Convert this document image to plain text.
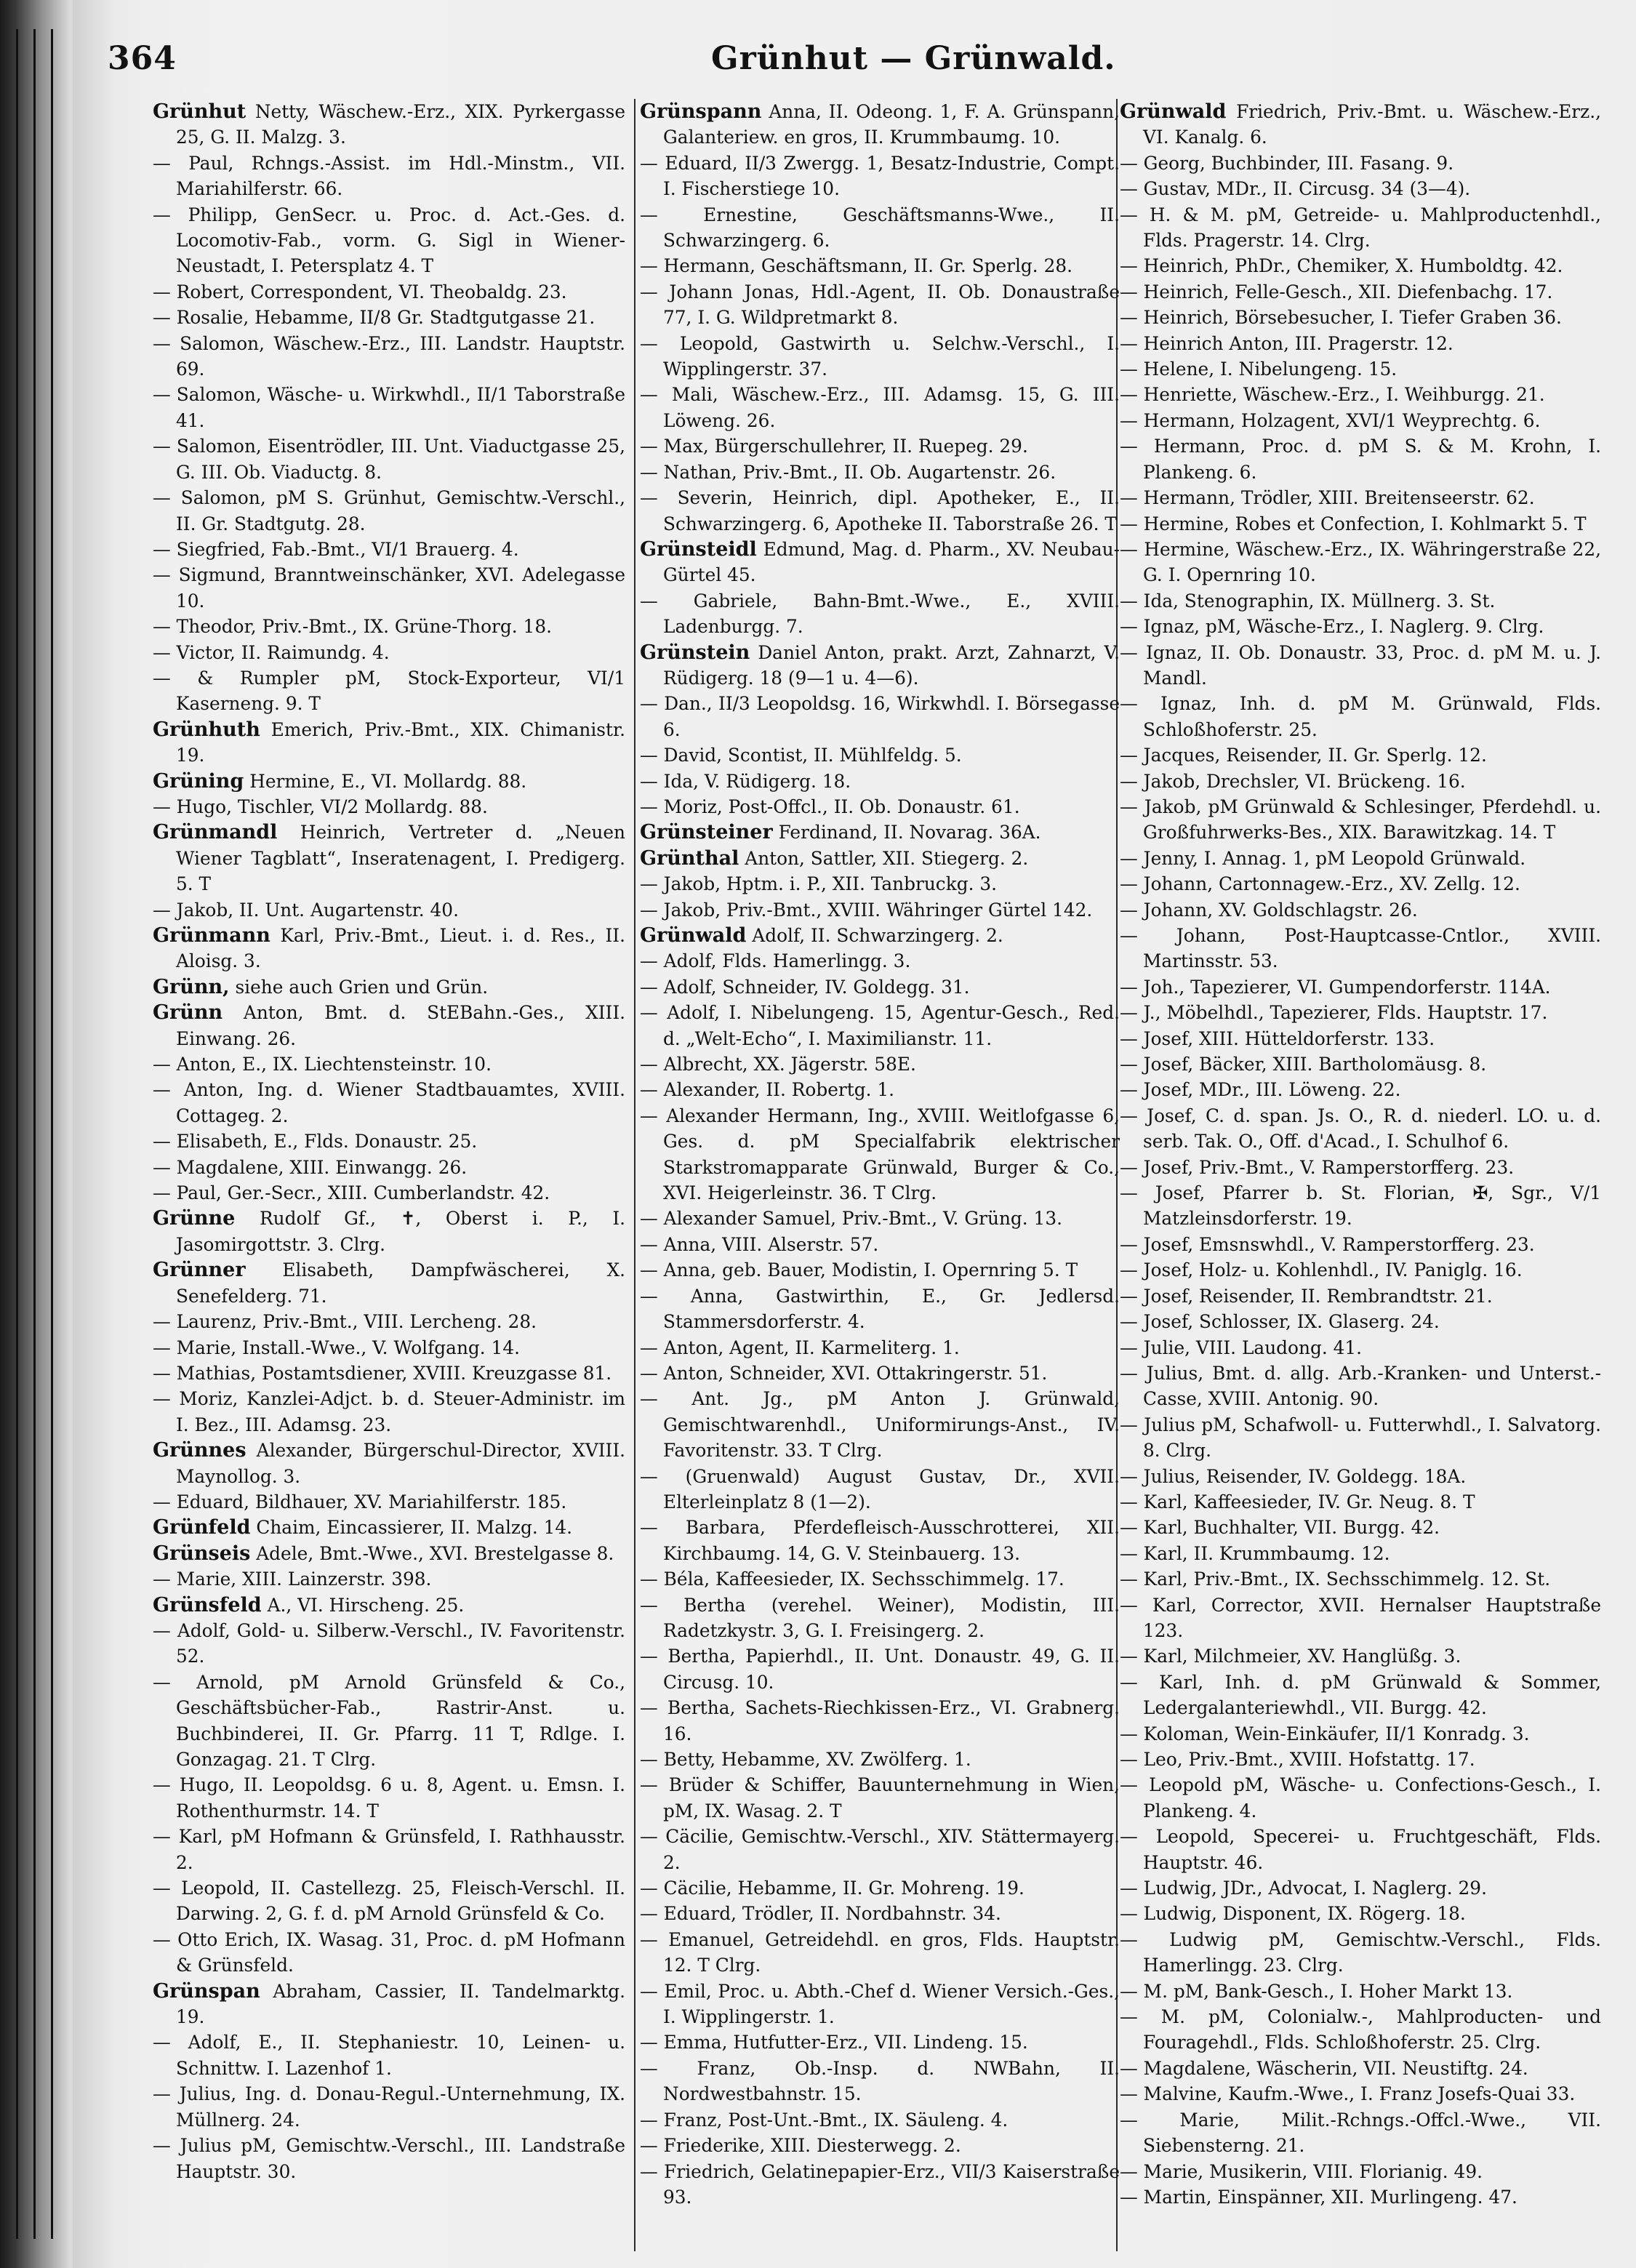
364	Grünhut — Grünwald.

Grünhut Netty, Wäschew.-Erz., XIX. Pyrkergasse 25, G. II. Malzg. 3.

— Paul, Rchngs.-Assist. im Hdl.-Minstm., VII. Mariahilferstr. 66.

— Philipp, GenSecr. u. Proc. d. Act.-Ges. d. Locomotiv-Fab., vorm. G. Sigl in Wiener-Neustadt, I. Petersplatz 4. T

— Robert, Correspondent, VI. Theobaldg. 23.

— Rosalie, Hebamme, II/8 Gr. Stadtgutgasse 21.

— Salomon, Wäschew.-Erz., III. Landstr. Hauptstr. 69.

— Salomon, Wäsche- u. Wirkwhdl., II/1 Taborstraße 41.

— Salomon, Eisentrödler, III. Unt. Viaductgasse 25, G. III. Ob. Viaductg. 8.

— Salomon, pM S. Grünhut, Gemischtw.-Verschl., II. Gr. Stadtgutg. 28.

— Siegfried, Fab.-Bmt., VI/1 Brauerg. 4.

— Sigmund, Branntweinschänker, XVI. Adelegasse 10.

— Theodor, Priv.-Bmt., IX. Grüne-Thorg. 18.

— Victor, II. Raimundg. 4.

— & Rumpler pM, Stock-Exporteur, VI/1 Kaserneng. 9. T

Grünhuth Emerich, Priv.-Bmt., XIX. Chimanistr. 19.

Grüning Hermine, E., VI. Mollardg. 88.

— Hugo, Tischler, VI/2 Mollardg. 88.

Grünmandl Heinrich, Vertreter d. „Neuen Wiener Tagblatt“, Inseratenagent, I. Predigerg. 5. T

— Jakob, II. Unt. Augartenstr. 40.

Grünmann Karl, Priv.-Bmt., Lieut. i. d. Res., II. Aloisg. 3.

Grünn, siehe auch Grien und Grün.

Grünn Anton, Bmt. d. StEBahn.-Ges., XIII. Einwang. 26.

— Anton, E., IX. Liechtensteinstr. 10.

— Anton, Ing. d. Wiener Stadtbauamtes, XVIII. Cottageg. 2.

— Elisabeth, E., Flds. Donaustr. 25.

— Magdalene, XIII. Einwangg. 26.

— Paul, Ger.-Secr., XIII. Cumberlandstr. 42.

Grünne Rudolf Gf., ✝, Oberst i. P., I. Jasomirgottstr. 3. Clrg.

Grünner Elisabeth, Dampfwäscherei, X. Senefelderg. 71.

— Laurenz, Priv.-Bmt., VIII. Lercheng. 28.

— Marie, Install.-Wwe., V. Wolfgang. 14.

— Mathias, Postamtsdiener, XVIII. Kreuzgasse 81.

— Moriz, Kanzlei-Adjct. b. d. Steuer-Administr. im I. Bez., III. Adamsg. 23.

Grünnes Alexander, Bürgerschul-Director, XVIII. Maynollog. 3.

— Eduard, Bildhauer, XV. Mariahilferstr. 185.

Grünfeld Chaim, Eincassierer, II. Malzg. 14.

Grünseis Adele, Bmt.-Wwe., XVI. Brestelgasse 8.

— Marie, XIII. Lainzerstr. 398.

Grünsfeld A., VI. Hirscheng. 25.

— Adolf, Gold- u. Silberw.-Verschl., IV. Favoritenstr. 52.

— Arnold, pM Arnold Grünsfeld & Co., Geschäftsbücher-Fab., Rastrir-Anst. u. Buchbinderei, II. Gr. Pfarrg. 11 T, Rdlge. I. Gonzagag. 21. T Clrg.

— Hugo, II. Leopoldsg. 6 u. 8, Agent. u. Emsn. I. Rothenthurmstr. 14. T

— Karl, pM Hofmann & Grünsfeld, I. Rathhausstr. 2.

— Leopold, II. Castellezg. 25, Fleisch-Verschl. II. Darwing. 2, G. f. d. pM Arnold Grünsfeld & Co.

— Otto Erich, IX. Wasag. 31, Proc. d. pM Hofmann & Grünsfeld.

Grünspan Abraham, Cassier, II. Tandelmarktg. 19.

— Adolf, E., II. Stephaniestr. 10, Leinen- u. Schnittw. I. Lazenhof 1.

— Julius, Ing. d. Donau-Regul.-Unternehmung, IX. Müllnerg. 24.

— Julius pM, Gemischtw.-Verschl., III. Landstraße Hauptstr. 30.

Grünspann Anna, II. Odeong. 1, F. A. Grünspann, Galanteriew. en gros, II. Krummbaumg. 10.

— Eduard, II/3 Zwergg. 1, Besatz-Industrie, Compt. I. Fischerstiege 10.

— Ernestine, Geschäftsmanns-Wwe., II. Schwarzingerg. 6.

— Hermann, Geschäftsmann, II. Gr. Sperlg. 28.

— Johann Jonas, Hdl.-Agent, II. Ob. Donaustraße 77, I. G. Wildpretmarkt 8.

— Leopold, Gastwirth u. Selchw.-Verschl., I. Wipplingerstr. 37.

— Mali, Wäschew.-Erz., III. Adamsg. 15, G. III. Löweng. 26.

— Max, Bürgerschullehrer, II. Ruepeg. 29.

— Nathan, Priv.-Bmt., II. Ob. Augartenstr. 26.

— Severin, Heinrich, dipl. Apotheker, E., II. Schwarzingerg. 6, Apotheke II. Taborstraße 26. T

Grünsteidl Edmund, Mag. d. Pharm., XV. Neubau-Gürtel 45.

— Gabriele, Bahn-Bmt.-Wwe., E., XVIII. Ladenburgg. 7.

Grünstein Daniel Anton, prakt. Arzt, Zahnarzt, V. Rüdigerg. 18 (9—1 u. 4—6).

— Dan., II/3 Leopoldsg. 16, Wirkwhdl. I. Börsegasse 6.

— David, Scontist, II. Mühlfeldg. 5.

— Ida, V. Rüdigerg. 18.

— Moriz, Post-Offcl., II. Ob. Donaustr. 61.

Grünsteiner Ferdinand, II. Novarag. 36A.

Grünthal Anton, Sattler, XII. Stiegerg. 2.

— Jakob, Hptm. i. P., XII. Tanbruckg. 3.

— Jakob, Priv.-Bmt., XVIII. Währinger Gürtel 142.

Grünwald Adolf, II. Schwarzingerg. 2.

— Adolf, Flds. Hamerlingg. 3.

— Adolf, Schneider, IV. Goldegg. 31.

— Adolf, I. Nibelungeng. 15, Agentur-Gesch., Red. d. „Welt-Echo“, I. Maximilianstr. 11.

— Albrecht, XX. Jägerstr. 58E.

— Alexander, II. Robertg. 1.

— Alexander Hermann, Ing., XVIII. Weitlofgasse 6, Ges. d. pM Specialfabrik elektrischer Starkstromapparate Grünwald, Burger & Co., XVI. Heigerleinstr. 36. T Clrg.

— Alexander Samuel, Priv.-Bmt., V. Grüng. 13.

— Anna, VIII. Alserstr. 57.

— Anna, geb. Bauer, Modistin, I. Opernring 5. T

— Anna, Gastwirthin, E., Gr. Jedlersd. Stammersdorferstr. 4.

— Anton, Agent, II. Karmeliterg. 1.

— Anton, Schneider, XVI. Ottakringerstr. 51.

— Ant. Jg., pM Anton J. Grünwald, Gemischtwarenhdl., Uniformirungs-Anst., IV. Favoritenstr. 33. T Clrg.

— (Gruenwald) August Gustav, Dr., XVII. Elterleinplatz 8 (1—2).

— Barbara, Pferdefleisch-Ausschrotterei, XII. Kirchbaumg. 14, G. V. Steinbauerg. 13.

— Béla, Kaffeesieder, IX. Sechsschimmelg. 17.

— Bertha (verehel. Weiner), Modistin, III. Radetzkystr. 3, G. I. Freisingerg. 2.

— Bertha, Papierhdl., II. Unt. Donaustr. 49, G. II. Circusg. 10.

— Bertha, Sachets-Riechkissen-Erz., VI. Grabnerg. 16.

— Betty, Hebamme, XV. Zwölferg. 1.

— Brüder & Schiffer, Bauunternehmung in Wien, pM, IX. Wasag. 2. T

— Cäcilie, Gemischtw.-Verschl., XIV. Stättermayerg. 2.

— Cäcilie, Hebamme, II. Gr. Mohreng. 19.

— Eduard, Trödler, II. Nordbahnstr. 34.

— Emanuel, Getreidehdl. en gros, Flds. Hauptstr. 12. T Clrg.

— Emil, Proc. u. Abth.-Chef d. Wiener Versich.-Ges., I. Wipplingerstr. 1.

— Emma, Hutfutter-Erz., VII. Lindeng. 15.

— Franz, Ob.-Insp. d. NWBahn, II. Nordwestbahnstr. 15.

— Franz, Post-Unt.-Bmt., IX. Säuleng. 4.

— Friederike, XIII. Diesterwegg. 2.

— Friedrich, Gelatinepapier-Erz., VII/3 Kaiserstraße 93.

Grünwald Friedrich, Priv.-Bmt. u. Wäschew.-Erz., VI. Kanalg. 6.

— Georg, Buchbinder, III. Fasang. 9.

— Gustav, MDr., II. Circusg. 34 (3—4).

— H. & M. pM, Getreide- u. Mahlproductenhdl., Flds. Pragerstr. 14. Clrg.

— Heinrich, PhDr., Chemiker, X. Humboldtg. 42.

— Heinrich, Felle-Gesch., XII. Diefenbachg. 17.

— Heinrich, Börsebesucher, I. Tiefer Graben 36.

— Heinrich Anton, III. Pragerstr. 12.

— Helene, I. Nibelungeng. 15.

— Henriette, Wäschew.-Erz., I. Weihburgg. 21.

— Hermann, Holzagent, XVI/1 Weyprechtg. 6.

— Hermann, Proc. d. pM S. & M. Krohn, I. Plankeng. 6.

— Hermann, Trödler, XIII. Breitenseerstr. 62.

— Hermine, Robes et Confection, I. Kohlmarkt 5. T

— Hermine, Wäschew.-Erz., IX. Währingerstraße 22, G. I. Opernring 10.

— Ida, Stenographin, IX. Müllnerg. 3. St.

— Ignaz, pM, Wäsche-Erz., I. Naglerg. 9. Clrg.

— Ignaz, II. Ob. Donaustr. 33, Proc. d. pM M. u. J. Mandl.

— Ignaz, Inh. d. pM M. Grünwald, Flds. Schloßhoferstr. 25.

— Jacques, Reisender, II. Gr. Sperlg. 12.

— Jakob, Drechsler, VI. Brückeng. 16.

— Jakob, pM Grünwald & Schlesinger, Pferdehdl. u. Großfuhrwerks-Bes., XIX. Barawitzkag. 14. T

— Jenny, I. Annag. 1, pM Leopold Grünwald.

— Johann, Cartonnagew.-Erz., XV. Zellg. 12.

— Johann, XV. Goldschlagstr. 26.

— Johann, Post-Hauptcasse-Cntlor., XVIII. Martinsstr. 53.

— Joh., Tapezierer, VI. Gumpendorferstr. 114A.

— J., Möbelhdl., Tapezierer, Flds. Hauptstr. 17.

— Josef, XIII. Hütteldorferstr. 133.

— Josef, Bäcker, XIII. Bartholomäusg. 8.

— Josef, MDr., III. Löweng. 22.

— Josef, C. d. span. Js. O., R. d. niederl. LO. u. d. serb. Tak. O., Off. d'Acad., I. Schulhof 6.

— Josef, Priv.-Bmt., V. Ramperstorfferg. 23.

— Josef, Pfarrer b. St. Florian, ✠, Sgr., V/1 Matzleinsdorferstr. 19.

— Josef, Emsnswhdl., V. Ramperstorfferg. 23.

— Josef, Holz- u. Kohlenhdl., IV. Paniglg. 16.

— Josef, Reisender, II. Rembrandtstr. 21.

— Josef, Schlosser, IX. Glaserg. 24.

— Julie, VIII. Laudong. 41.

— Julius, Bmt. d. allg. Arb.-Kranken- und Unterst.-Casse, XVIII. Antonig. 90.

— Julius pM, Schafwoll- u. Futterwhdl., I. Salvatorg. 8. Clrg.

— Julius, Reisender, IV. Goldegg. 18A.

— Karl, Kaffeesieder, IV. Gr. Neug. 8. T

— Karl, Buchhalter, VII. Burgg. 42.

— Karl, II. Krummbaumg. 12.

— Karl, Priv.-Bmt., IX. Sechsschimmelg. 12. St.

— Karl, Corrector, XVII. Hernalser Hauptstraße 123.

— Karl, Milchmeier, XV. Hanglüßg. 3.

— Karl, Inh. d. pM Grünwald & Sommer, Ledergalanteriewhdl., VII. Burgg. 42.

— Koloman, Wein-Einkäufer, II/1 Konradg. 3.

— Leo, Priv.-Bmt., XVIII. Hofstattg. 17.

— Leopold pM, Wäsche- u. Confections-Gesch., I. Plankeng. 4.

— Leopold, Specerei- u. Fruchtgeschäft, Flds. Hauptstr. 46.

— Ludwig, JDr., Advocat, I. Naglerg. 29.

— Ludwig, Disponent, IX. Rögerg. 18.

— Ludwig pM, Gemischtw.-Verschl., Flds. Hamerlingg. 23. Clrg.

— M. pM, Bank-Gesch., I. Hoher Markt 13.

— M. pM, Colonialw.-, Mahlproducten- und Fouragehdl., Flds. Schloßhoferstr. 25. Clrg.

— Magdalene, Wäscherin, VII. Neustiftg. 24.

— Malvine, Kaufm.-Wwe., I. Franz Josefs-Quai 33.

— Marie, Milit.-Rchngs.-Offcl.-Wwe., VII. Siebensterng. 21.

— Marie, Musikerin, VIII. Florianig. 49.

— Martin, Einspänner, XII. Murlingeng. 47.
